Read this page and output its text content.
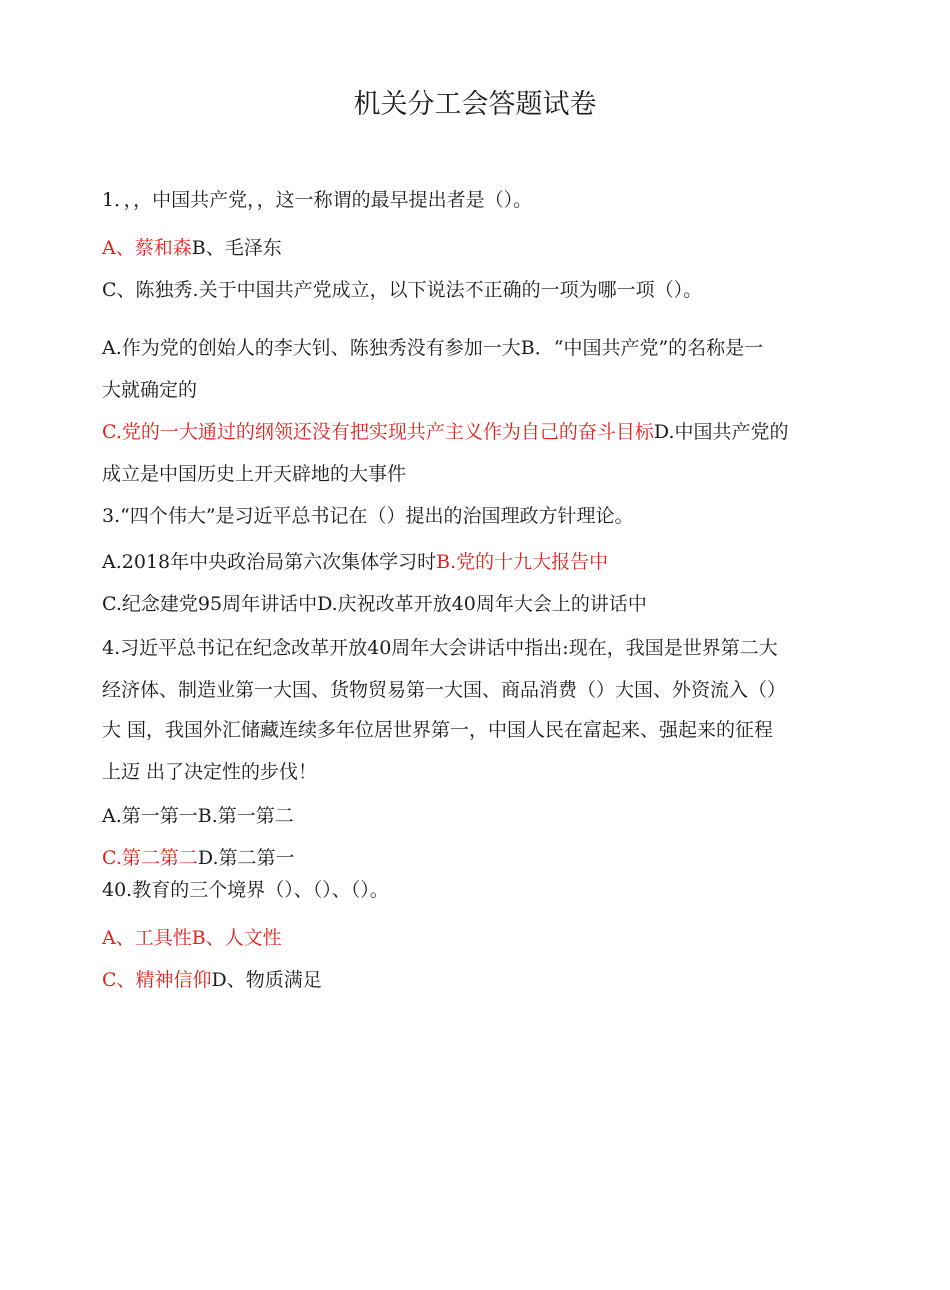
机关分工会答题试卷
1．，，中国共产党，，这一称谓的最早提出者是（）。
A、蔡和森B、毛泽东
C、陈独秀.关于中国共产党成立，以下说法不正确的一项为哪一项（）。
A.作为党的创始人的李大钊、陈独秀没有参加一大B．“中国共产党”的名称是一
大就确定的
C.党的一大通过的纲领还没有把实现共产主义作为自己的奋斗目标D.中国共产党的
成立是中国历史上开天辟地的大事件
3.“四个伟大”是习近平总书记在（）提出的治国理政方针理论。
A.2018年中央政治局第六次集体学习时B.党的十九大报告中
C.纪念建党95周年讲话中D.庆祝改革开放40周年大会上的讲话中
4.习近平总书记在纪念改革开放40周年大会讲话中指出:现在，我国是世界第二大
经济体、制造业第一大国、货物贸易第一大国、商品消费（）大国、外资流入（）
大 国，我国外汇储藏连续多年位居世界第一，中国人民在富起来、强起来的征程
上迈 出了决定性的步伐！
A.第一第一B.第一第二
C.第二第二D.第二第一
40.教育的三个境界（）、（）、（）。
A、工具性B、人文性
C、精神信仰D、物质满足
